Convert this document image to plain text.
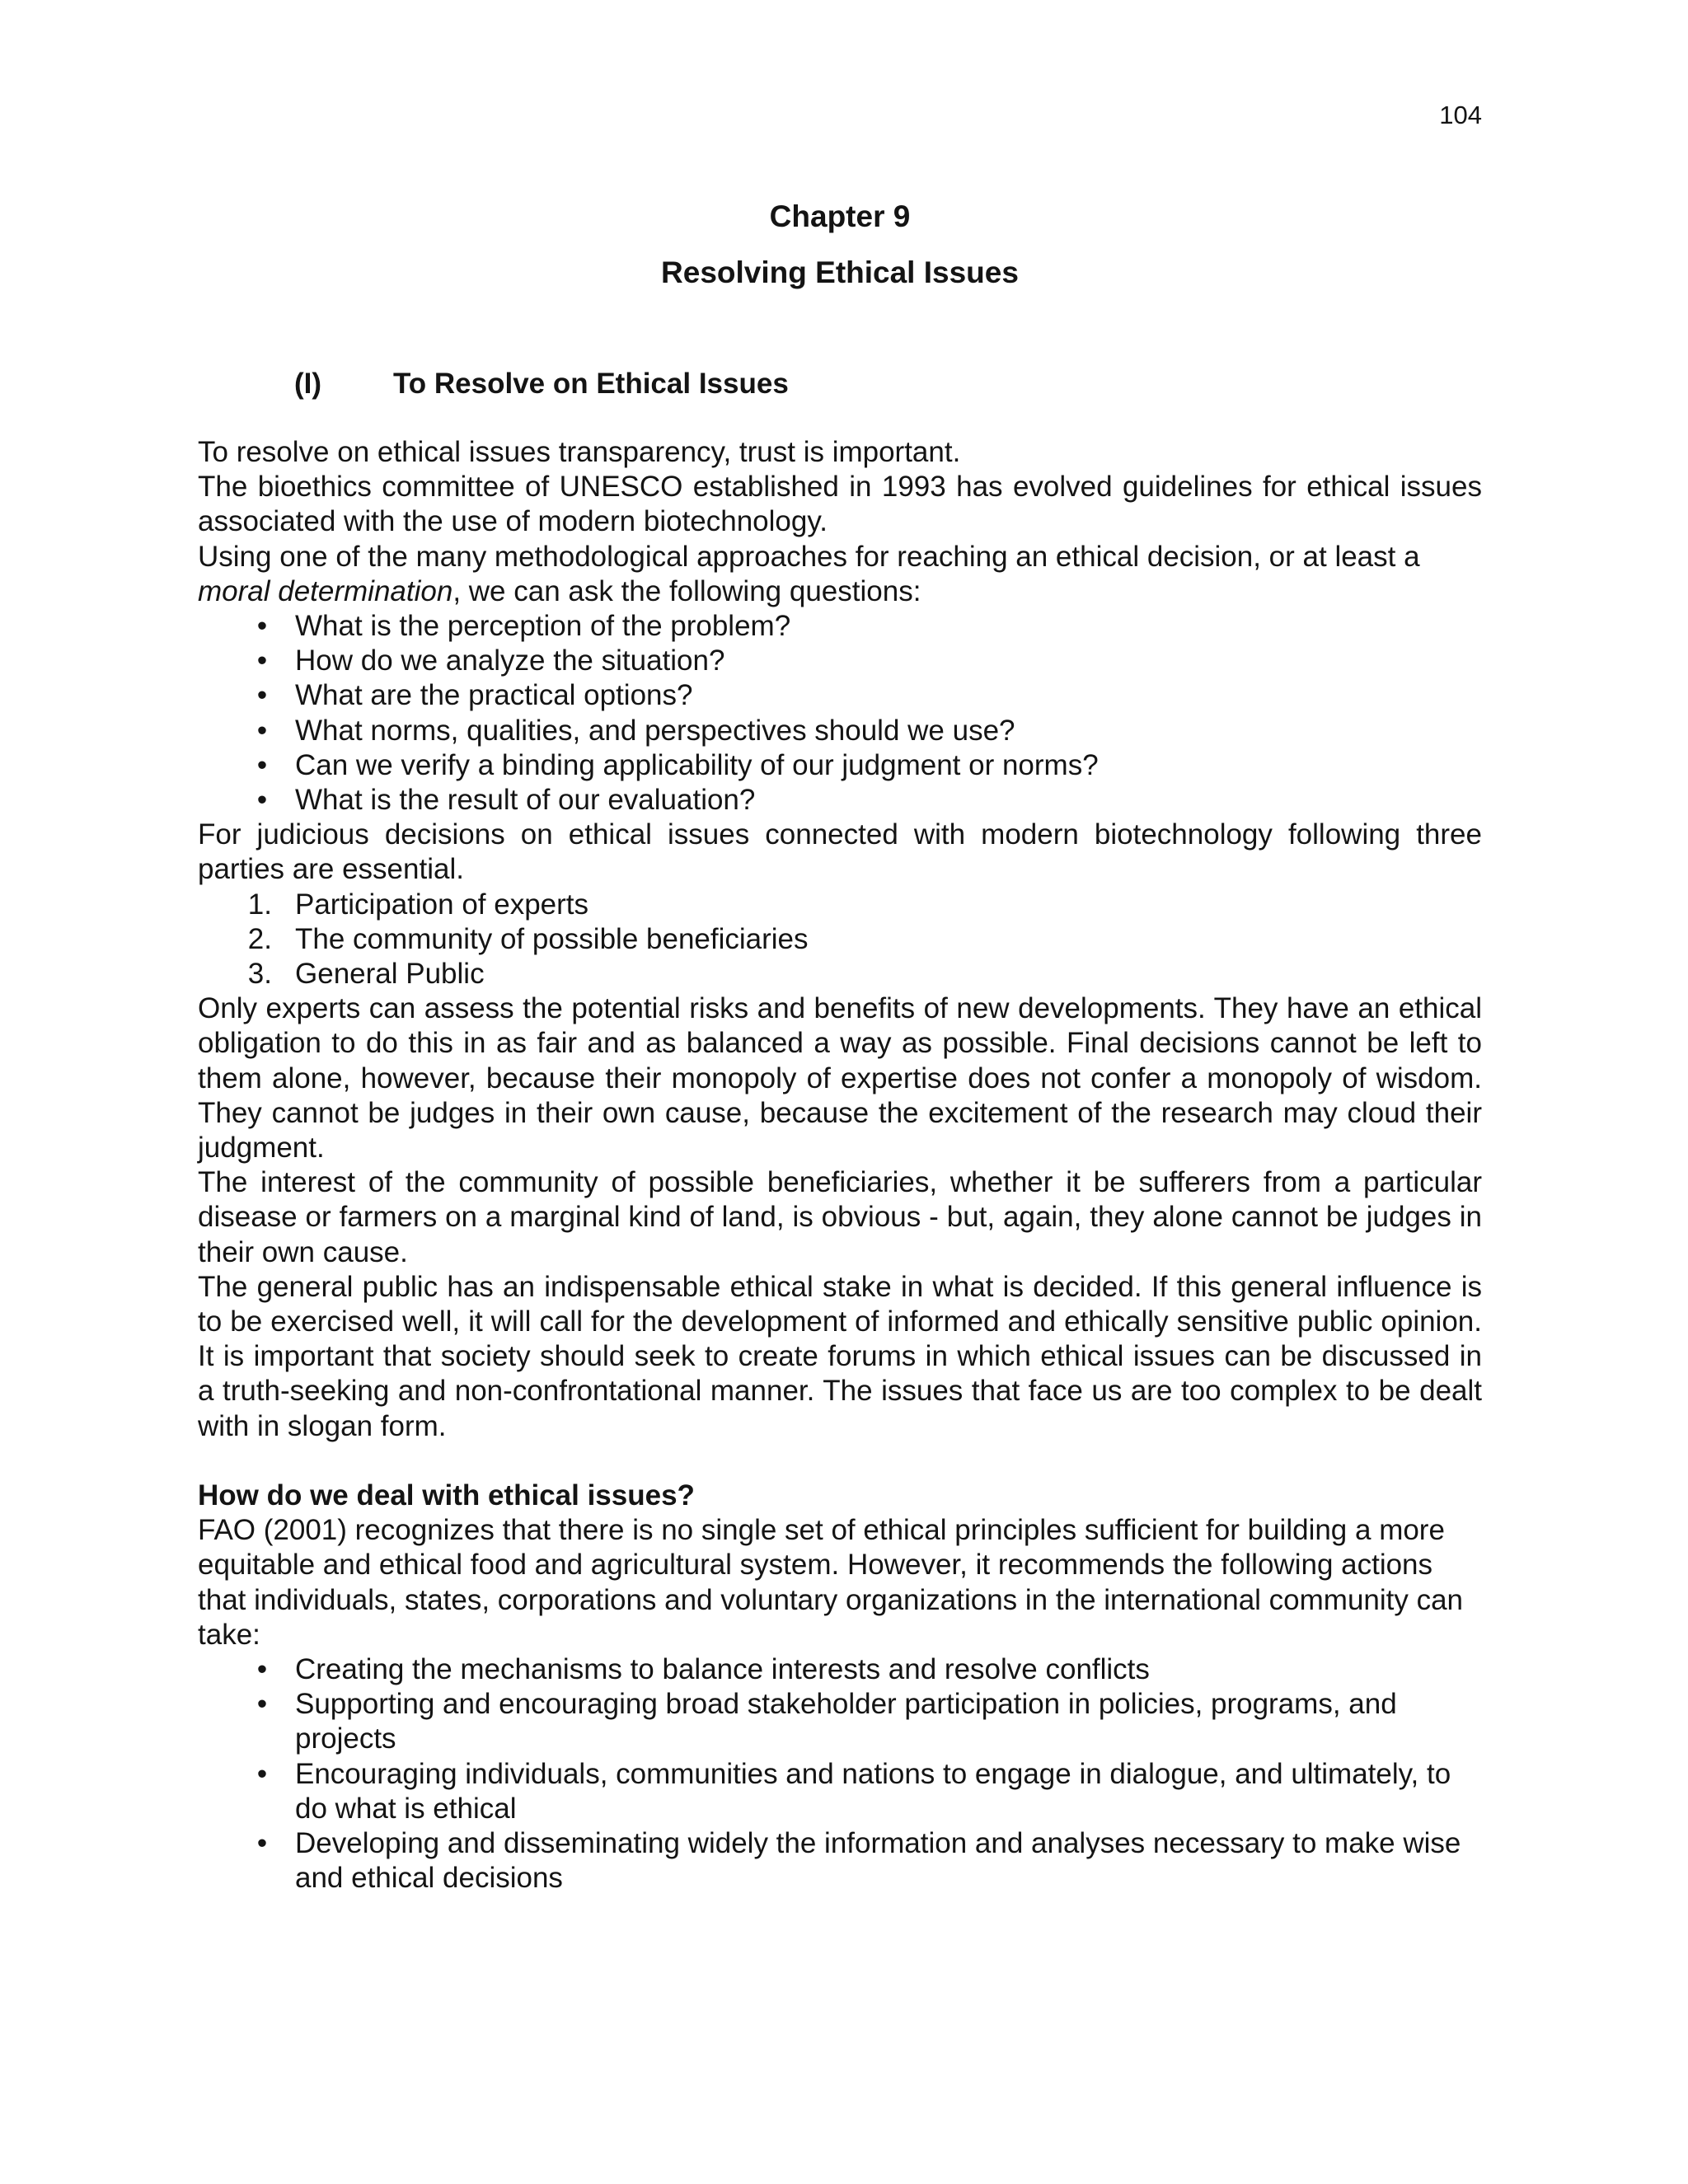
104
Chapter 9
Resolving Ethical Issues
(I) To Resolve on Ethical Issues

To resolve on ethical issues transparency, trust is important.

The bioethics committee of UNESCO established in 1993 has evolved guidelines for ethical issues associated with the use of modern biotechnology.

Using one of the many methodological approaches for reaching an ethical decision, or at least a moral determination, we can ask the following questions:

• What is the perception of the problem?
• How do we analyze the situation?
• What are the practical options?
• What norms, qualities, and perspectives should we use?
• Can we verify a binding applicability of our judgment or norms?
• What is the result of our evaluation?

For judicious decisions on ethical issues connected with modern biotechnology following three parties are essential.

1. Participation of experts
2. The community of possible beneficiaries
3. General Public

Only experts can assess the potential risks and benefits of new developments. They have an ethical obligation to do this in as fair and as balanced a way as possible. Final decisions cannot be left to them alone, however, because their monopoly of expertise does not confer a monopoly of wisdom. They cannot be judges in their own cause, because the excitement of the research may cloud their judgment.

The interest of the community of possible beneficiaries, whether it be sufferers from a particular disease or farmers on a marginal kind of land, is obvious - but, again, they alone cannot be judges in their own cause.

The general public has an indispensable ethical stake in what is decided. If this general influence is to be exercised well, it will call for the development of informed and ethically sensitive public opinion. It is important that society should seek to create forums in which ethical issues can be discussed in a truth-seeking and non-confrontational manner. The issues that face us are too complex to be dealt with in slogan form.

How do we deal with ethical issues?

FAO (2001) recognizes that there is no single set of ethical principles sufficient for building a more equitable and ethical food and agricultural system. However, it recommends the following actions that individuals, states, corporations and voluntary organizations in the international community can take:

• Creating the mechanisms to balance interests and resolve conflicts
• Supporting and encouraging broad stakeholder participation in policies, programs, and projects
• Encouraging individuals, communities and nations to engage in dialogue, and ultimately, to do what is ethical
• Developing and disseminating widely the information and analyses necessary to make wise and ethical decisions
